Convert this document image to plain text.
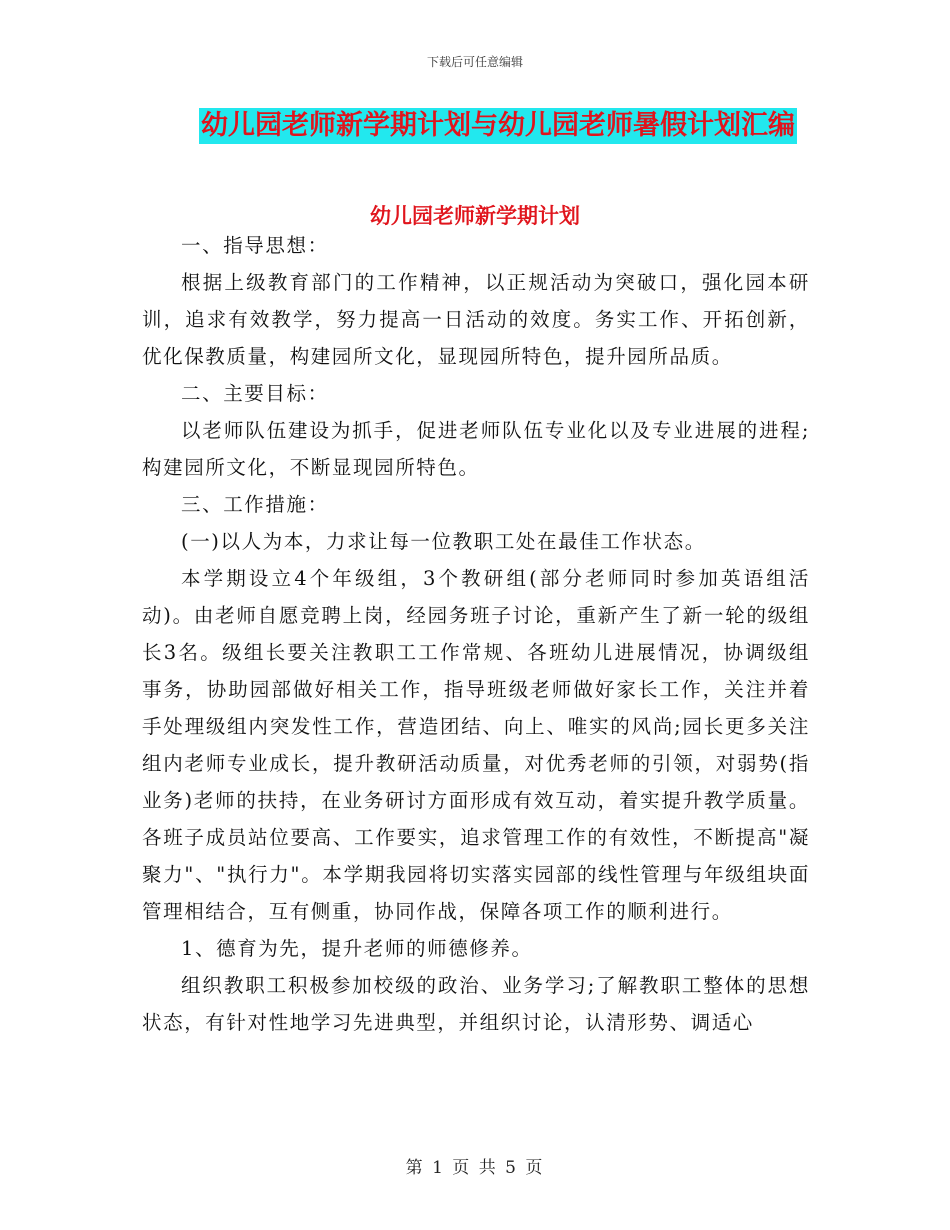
下载后可任意编辑
幼儿园老师新学期计划与幼儿园老师暑假计划汇编
幼儿园老师新学期计划

一、指导思想：

根据上级教育部门的工作精神，以正规活动为突破口，强化园本研训，追求有效教学，努力提高一日活动的效度。务实工作、开拓创新，优化保教质量，构建园所文化，显现园所特色，提升园所品质。

二、主要目标：

以老师队伍建设为抓手，促进老师队伍专业化以及专业进展的进程;构建园所文化，不断显现园所特色。

三、工作措施：

(一)以人为本，力求让每一位教职工处在最佳工作状态。

本学期设立4个年级组，3个教研组(部分老师同时参加英语组活动)。由老师自愿竞聘上岗，经园务班子讨论，重新产生了新一轮的级组长3名。级组长要关注教职工工作常规、各班幼儿进展情况，协调级组事务，协助园部做好相关工作，指导班级老师做好家长工作，关注并着手处理级组内突发性工作，营造团结、向上、唯实的风尚;园长更多关注组内老师专业成长，提升教研活动质量，对优秀老师的引领，对弱势(指业务)老师的扶持，在业务研讨方面形成有效互动，着实提升教学质量。各班子成员站位要高、工作要实，追求管理工作的有效性，不断提高"凝聚力"、"执行力"。本学期我园将切实落实园部的线性管理与年级组块面管理相结合，互有侧重，协同作战，保障各项工作的顺利进行。

1、德育为先，提升老师的师德修养。

组织教职工积极参加校级的政治、业务学习;了解教职工整体的思想状态，有针对性地学习先进典型，并组织讨论，认清形势、调适心

第 1 页 共 5 页
